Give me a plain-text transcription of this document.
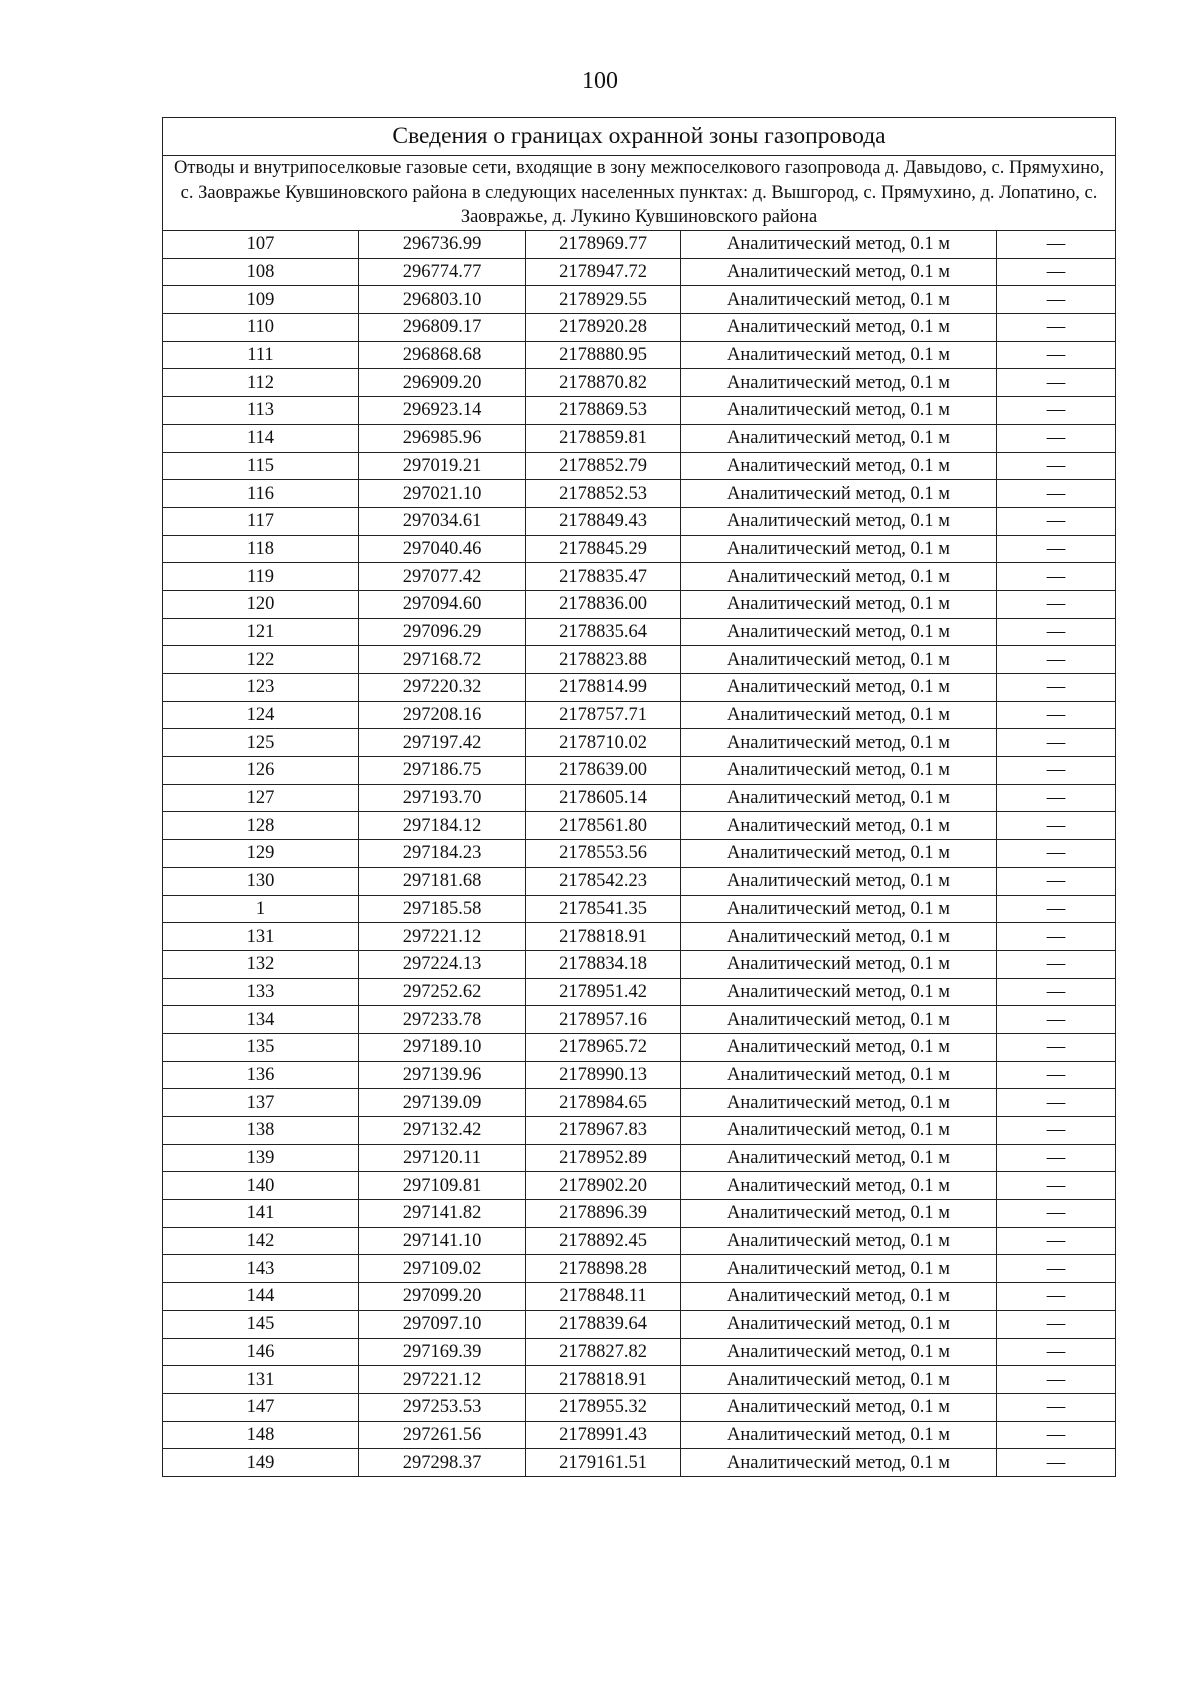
100
Сведения о границах охранной зоны газопровода				
Отводы и внутрипоселковые газовые сети, входящие в зону межпоселкового газопровода д. Давыдово, с. Прямухино, с. Заовражье Кувшиновского района в следующих населенных пунктах: д. Вышгород, с. Прямухино, д. Лопатино, с. Заовражье, д. Лукино Кувшиновского района				
107	296736.99	2178969.77	Аналитический метод, 0.1 м	—
108	296774.77	2178947.72	Аналитический метод, 0.1 м	—
109	296803.10	2178929.55	Аналитический метод, 0.1 м	—
110	296809.17	2178920.28	Аналитический метод, 0.1 м	—
111	296868.68	2178880.95	Аналитический метод, 0.1 м	—
112	296909.20	2178870.82	Аналитический метод, 0.1 м	—
113	296923.14	2178869.53	Аналитический метод, 0.1 м	—
114	296985.96	2178859.81	Аналитический метод, 0.1 м	—
115	297019.21	2178852.79	Аналитический метод, 0.1 м	—
116	297021.10	2178852.53	Аналитический метод, 0.1 м	—
117	297034.61	2178849.43	Аналитический метод, 0.1 м	—
118	297040.46	2178845.29	Аналитический метод, 0.1 м	—
119	297077.42	2178835.47	Аналитический метод, 0.1 м	—
120	297094.60	2178836.00	Аналитический метод, 0.1 м	—
121	297096.29	2178835.64	Аналитический метод, 0.1 м	—
122	297168.72	2178823.88	Аналитический метод, 0.1 м	—
123	297220.32	2178814.99	Аналитический метод, 0.1 м	—
124	297208.16	2178757.71	Аналитический метод, 0.1 м	—
125	297197.42	2178710.02	Аналитический метод, 0.1 м	—
126	297186.75	2178639.00	Аналитический метод, 0.1 м	—
127	297193.70	2178605.14	Аналитический метод, 0.1 м	—
128	297184.12	2178561.80	Аналитический метод, 0.1 м	—
129	297184.23	2178553.56	Аналитический метод, 0.1 м	—
130	297181.68	2178542.23	Аналитический метод, 0.1 м	—
1	297185.58	2178541.35	Аналитический метод, 0.1 м	—
131	297221.12	2178818.91	Аналитический метод, 0.1 м	—
132	297224.13	2178834.18	Аналитический метод, 0.1 м	—
133	297252.62	2178951.42	Аналитический метод, 0.1 м	—
134	297233.78	2178957.16	Аналитический метод, 0.1 м	—
135	297189.10	2178965.72	Аналитический метод, 0.1 м	—
136	297139.96	2178990.13	Аналитический метод, 0.1 м	—
137	297139.09	2178984.65	Аналитический метод, 0.1 м	—
138	297132.42	2178967.83	Аналитический метод, 0.1 м	—
139	297120.11	2178952.89	Аналитический метод, 0.1 м	—
140	297109.81	2178902.20	Аналитический метод, 0.1 м	—
141	297141.82	2178896.39	Аналитический метод, 0.1 м	—
142	297141.10	2178892.45	Аналитический метод, 0.1 м	—
143	297109.02	2178898.28	Аналитический метод, 0.1 м	—
144	297099.20	2178848.11	Аналитический метод, 0.1 м	—
145	297097.10	2178839.64	Аналитический метод, 0.1 м	—
146	297169.39	2178827.82	Аналитический метод, 0.1 м	—
131	297221.12	2178818.91	Аналитический метод, 0.1 м	—
147	297253.53	2178955.32	Аналитический метод, 0.1 м	—
148	297261.56	2178991.43	Аналитический метод, 0.1 м	—
149	297298.37	2179161.51	Аналитический метод, 0.1 м	—
